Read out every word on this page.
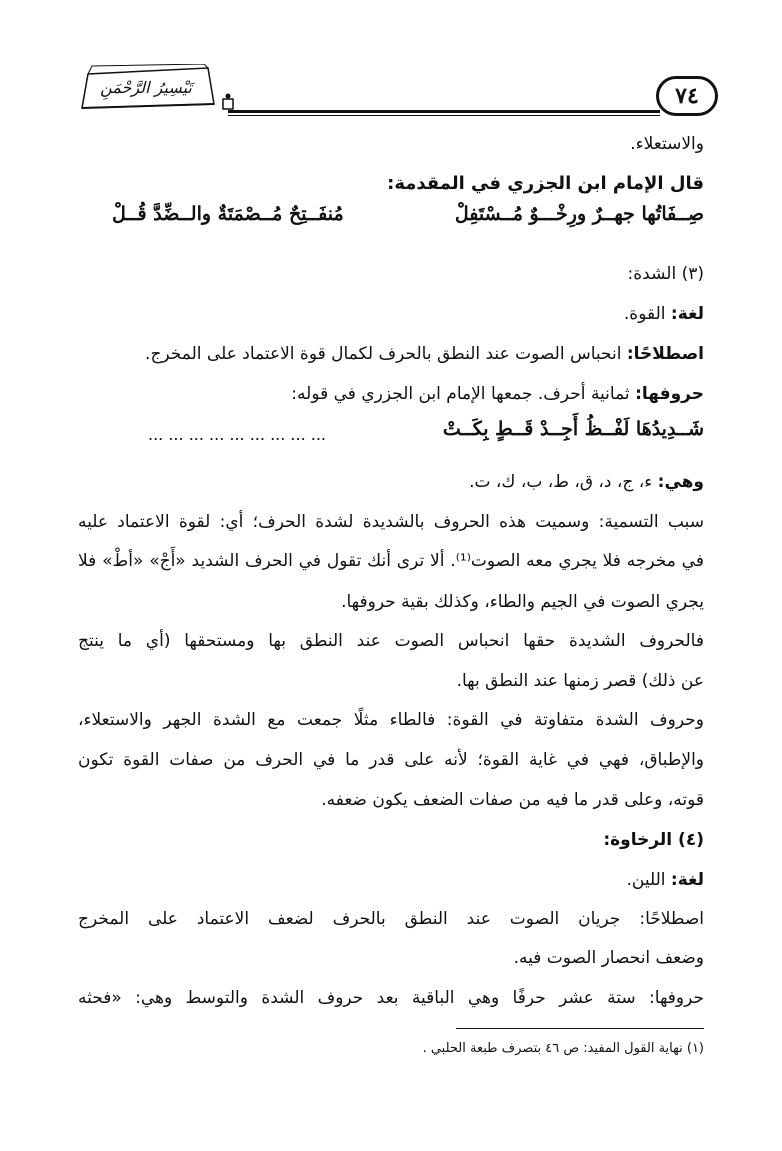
تَيْسِيرُ الرَّحْمَنِ	٧٤
والاستعلاء.
قال الإمام ابن الجزري في المقدمة:
صِــفَاتُها جهــرٌ ورِخْـــوٌ مُــسْتَفِلْ
مُنفَــتِحٌ مُــصْمَتَةٌ والــضِّدَّ قُــلْ
(٣) الشدة:
لغة: القوة.
اصطلاحًا: انحباس الصوت عند النطق بالحرف لكمال قوة الاعتماد على المخرج.
حروفها: ثمانية أحرف. جمعها الإمام ابن الجزري في قوله:
شَــدِيدُهَا لَفْــظُ أَجِــدْ قَــطٍ بِكَــتْ
... ... ... ... ... ... ... ... ...
وهي: ء، ج، د، ق، ط، ب، ك، ت.
سبب التسمية: وسميت هذه الحروف بالشديدة لشدة الحرف؛ أي: لقوة الاعتماد عليه
في مخرجه فلا يجري معه الصوت⁽¹⁾. ألا ترى أنك تقول في الحرف الشديد «أَجْ» «أطْ» فلا
يجري الصوت في الجيم والطاء، وكذلك بقية حروفها.
فالحروف الشديدة حقها انحباس الصوت عند النطق بها ومستحقها (أي ما ينتج
عن ذلك) قصر زمنها عند النطق بها.
وحروف الشدة متفاوتة في القوة: فالطاء مثلًا جمعت مع الشدة الجهر والاستعلاء،
والإطباق، فهي في غاية القوة؛ لأنه على قدر ما في الحرف من صفات القوة تكون
قوته، وعلى قدر ما فيه من صفات الضعف يكون ضعفه.
(٤) الرخاوة:
لغة: اللين.
اصطلاحًا: جريان الصوت عند النطق بالحرف لضعف الاعتماد على المخرج
وضعف انحصار الصوت فيه.
حروفها: ستة عشر حرفًا وهي الباقية بعد حروف الشدة والتوسط وهي: «فحثه
(١) نهاية القول المفيد: ص ٤٦ بتصرف طبعة الحلبي .
